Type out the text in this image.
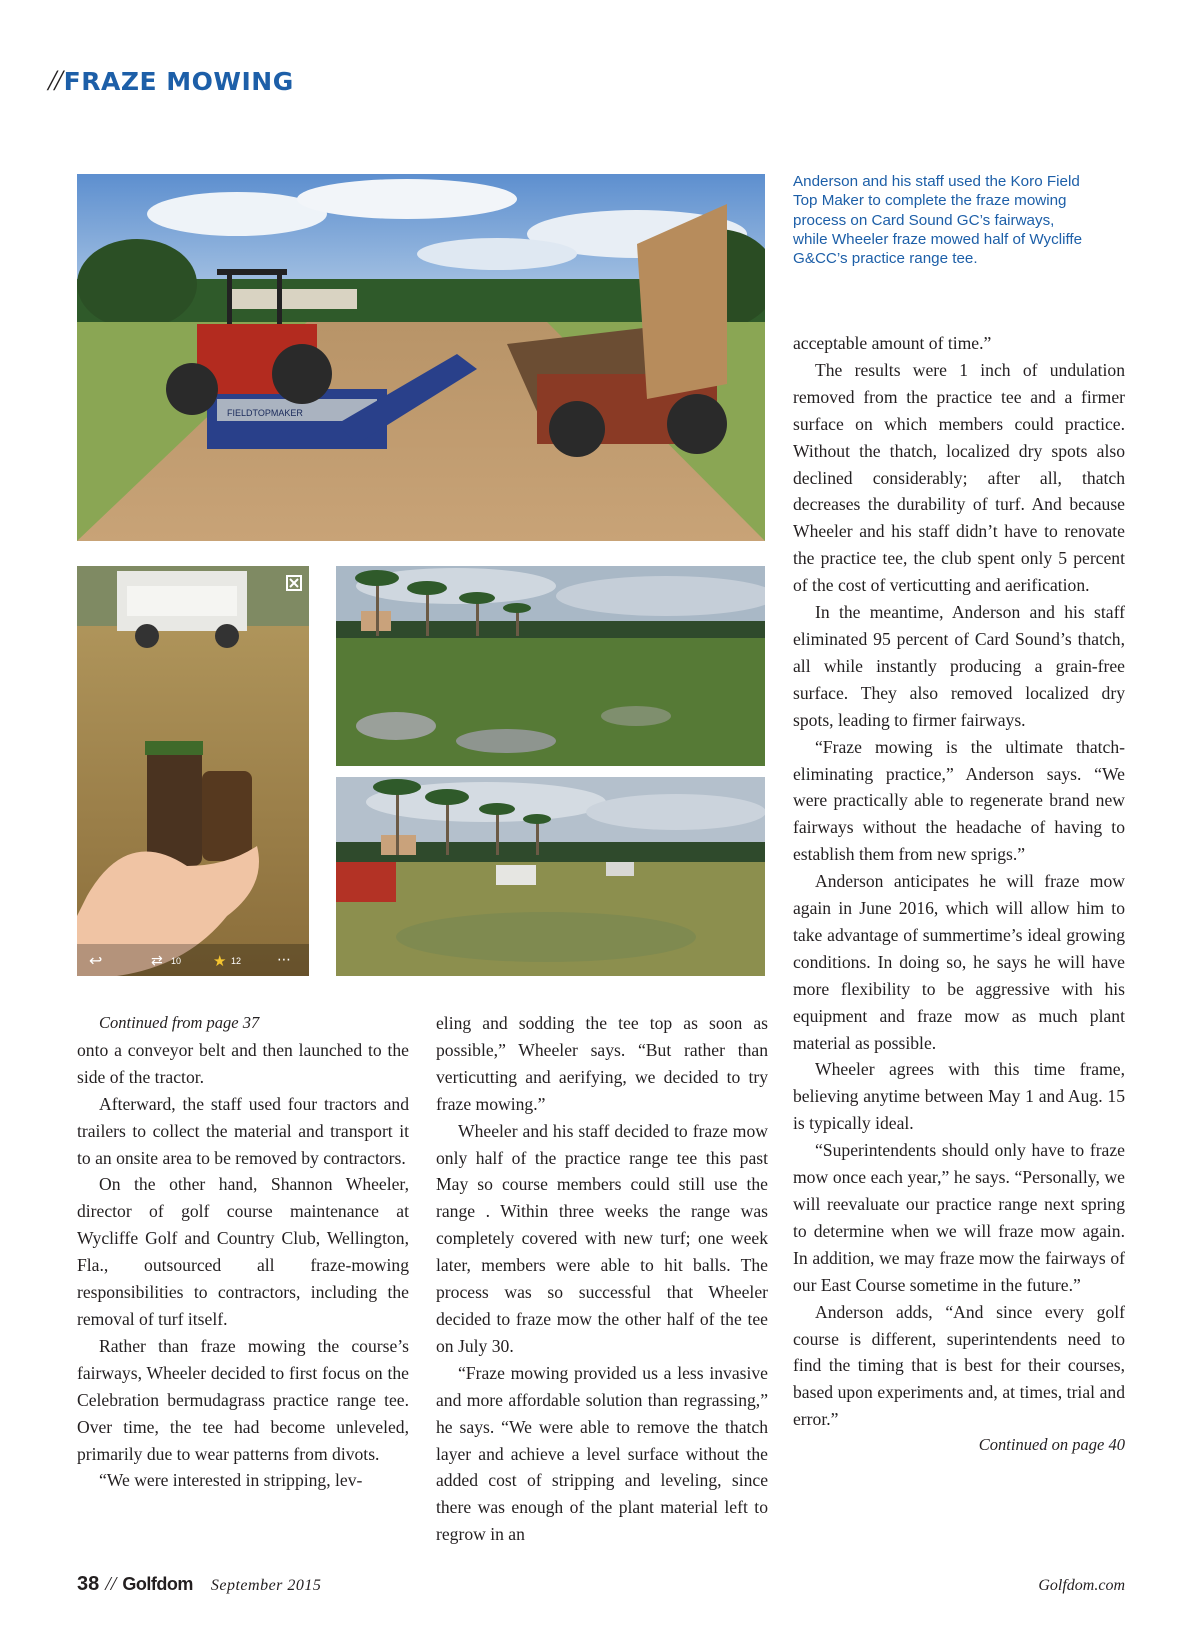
// FRAZE MOWING
FIELDTOPMAKER
↩	⇄ 10 ★ 12	⋯
Anderson and his staff used the Koro Field Top Maker to complete the fraze mowing process on Card Sound GC’s fairways, while Wheeler fraze mowed half of Wycliffe G&CC’s practice range tee.

Continued from page 37

onto a conveyor belt and then launched to the side of the tractor.

Afterward, the staff used four tractors and trailers to collect the material and transport it to an onsite area to be removed by contractors.

On the other hand, Shannon Wheeler, director of golf course maintenance at Wycliffe Golf and Country Club, Wellington, Fla., outsourced all fraze-mowing responsibilities to contractors, including the removal of turf itself.

Rather than fraze mowing the course’s fairways, Wheeler decided to first focus on the Celebration bermudagrass practice range tee. Over time, the tee had become unleveled, primarily due to wear patterns from divots.

“We were interested in stripping, lev-

eling and sodding the tee top as soon as possible,” Wheeler says. “But rather than verticutting and aerifying, we decided to try fraze mowing.”

Wheeler and his staff decided to fraze mow only half of the practice range tee this past May so course members could still use the range . Within three weeks the range was completely covered with new turf; one week later, members were able to hit balls. The process was so successful that Wheeler decided to fraze mow the other half of the tee on July 30.

“Fraze mowing provided us a less invasive and more affordable solution than regrassing,” he says. “We were able to remove the thatch layer and achieve a level surface without the added cost of stripping and leveling, since there was enough of the plant material left to regrow in an

acceptable amount of time.”

The results were 1 inch of undulation removed from the practice tee and a firmer surface on which members could practice. Without the thatch, localized dry spots also declined considerably; after all, thatch decreases the durability of turf. And because Wheeler and his staff didn’t have to renovate the practice tee, the club spent only 5 percent of the cost of verticutting and aerification.

In the meantime, Anderson and his staff eliminated 95 percent of Card Sound’s thatch, all while instantly producing a grain-free surface. They also removed localized dry spots, leading to firmer fairways.

“Fraze mowing is the ultimate thatch-eliminating practice,” Anderson says. “We were practically able to regenerate brand new fairways without the headache of having to establish them from new sprigs.”

Anderson anticipates he will fraze mow again in June 2016, which will allow him to take advantage of summertime’s ideal growing conditions. In doing so, he says he will have more flexibility to be aggressive with his equipment and fraze mow as much plant material as possible.

Wheeler agrees with this time frame, believing anytime between May 1 and Aug. 15 is typically ideal.

“Superintendents should only have to fraze mow once each year,” he says. “Personally, we will reevaluate our practice range next spring to determine when we will fraze mow again. In addition, we may fraze mow the fairways of our East Course sometime in the future.”

Anderson adds, “And since every golf course is different, superintendents need to find the timing that is best for their courses, based upon experiments and, at times, trial and error.”

Continued on page 40

38 // Golfdom September 2015	Golfdom.com
